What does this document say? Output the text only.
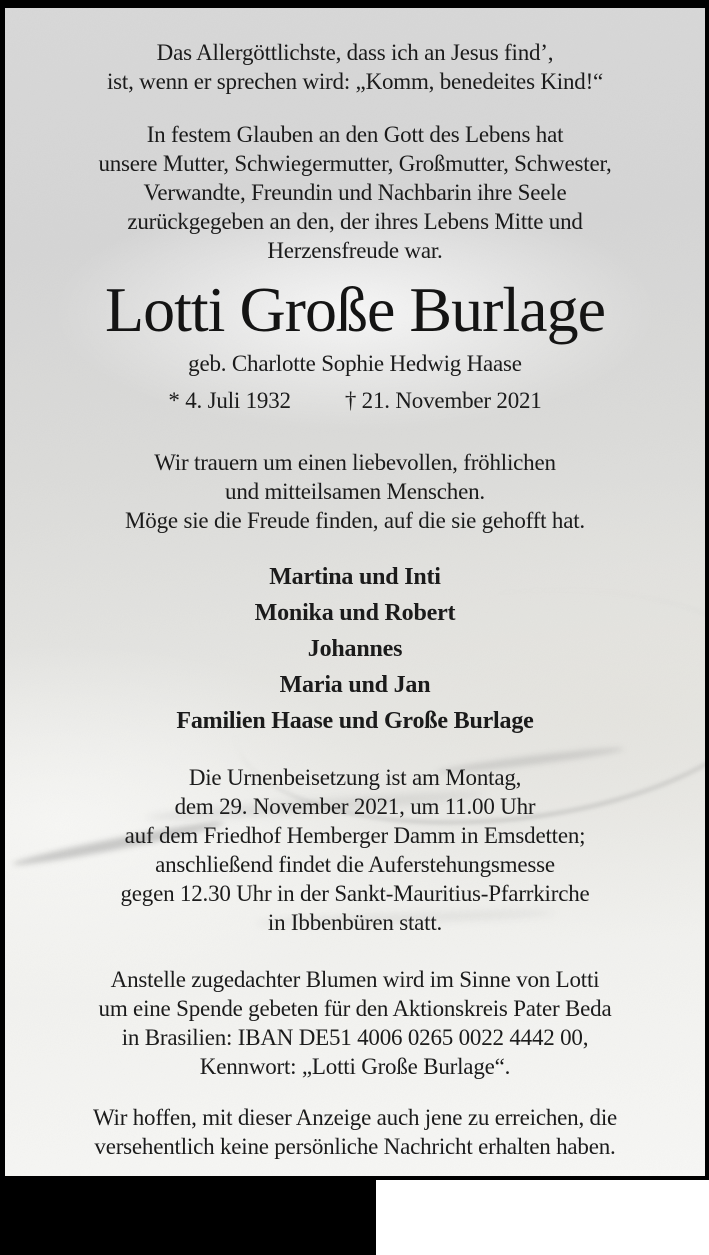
Das Allergöttlichste, dass ich an Jesus find’,
ist, wenn er sprechen wird: „Komm, benedeites Kind!“
In festem Glauben an den Gott des Lebens hat
unsere Mutter, Schwiegermutter, Großmutter, Schwester,
Verwandte, Freundin und Nachbarin ihre Seele
zurückgegeben an den, der ihres Lebens Mitte und
Herzensfreude war.
Lotti Große Burlage
geb. Charlotte Sophie Hedwig Haase
* 4. Juli 1932 † 21. November 2021
Wir trauern um einen liebevollen, fröhlichen
und mitteilsamen Menschen.
Möge sie die Freude finden, auf die sie gehofft hat.
Martina und Inti
Monika und Robert
Johannes
Maria und Jan
Familien Haase und Große Burlage
Die Urnenbeisetzung ist am Montag,
dem 29. November 2021, um 11.00 Uhr
auf dem Friedhof Hemberger Damm in Emsdetten;
anschließend findet die Auferstehungsmesse
gegen 12.30 Uhr in der Sankt-Mauritius-Pfarrkirche
in Ibbenbüren statt.
Anstelle zugedachter Blumen wird im Sinne von Lotti
um eine Spende gebeten für den Aktionskreis Pater Beda
in Brasilien: IBAN DE51 4006 0265 0022 4442 00,
Kennwort: „Lotti Große Burlage“.
Wir hoffen, mit dieser Anzeige auch jene zu erreichen, die
versehentlich keine persönliche Nachricht erhalten haben.
